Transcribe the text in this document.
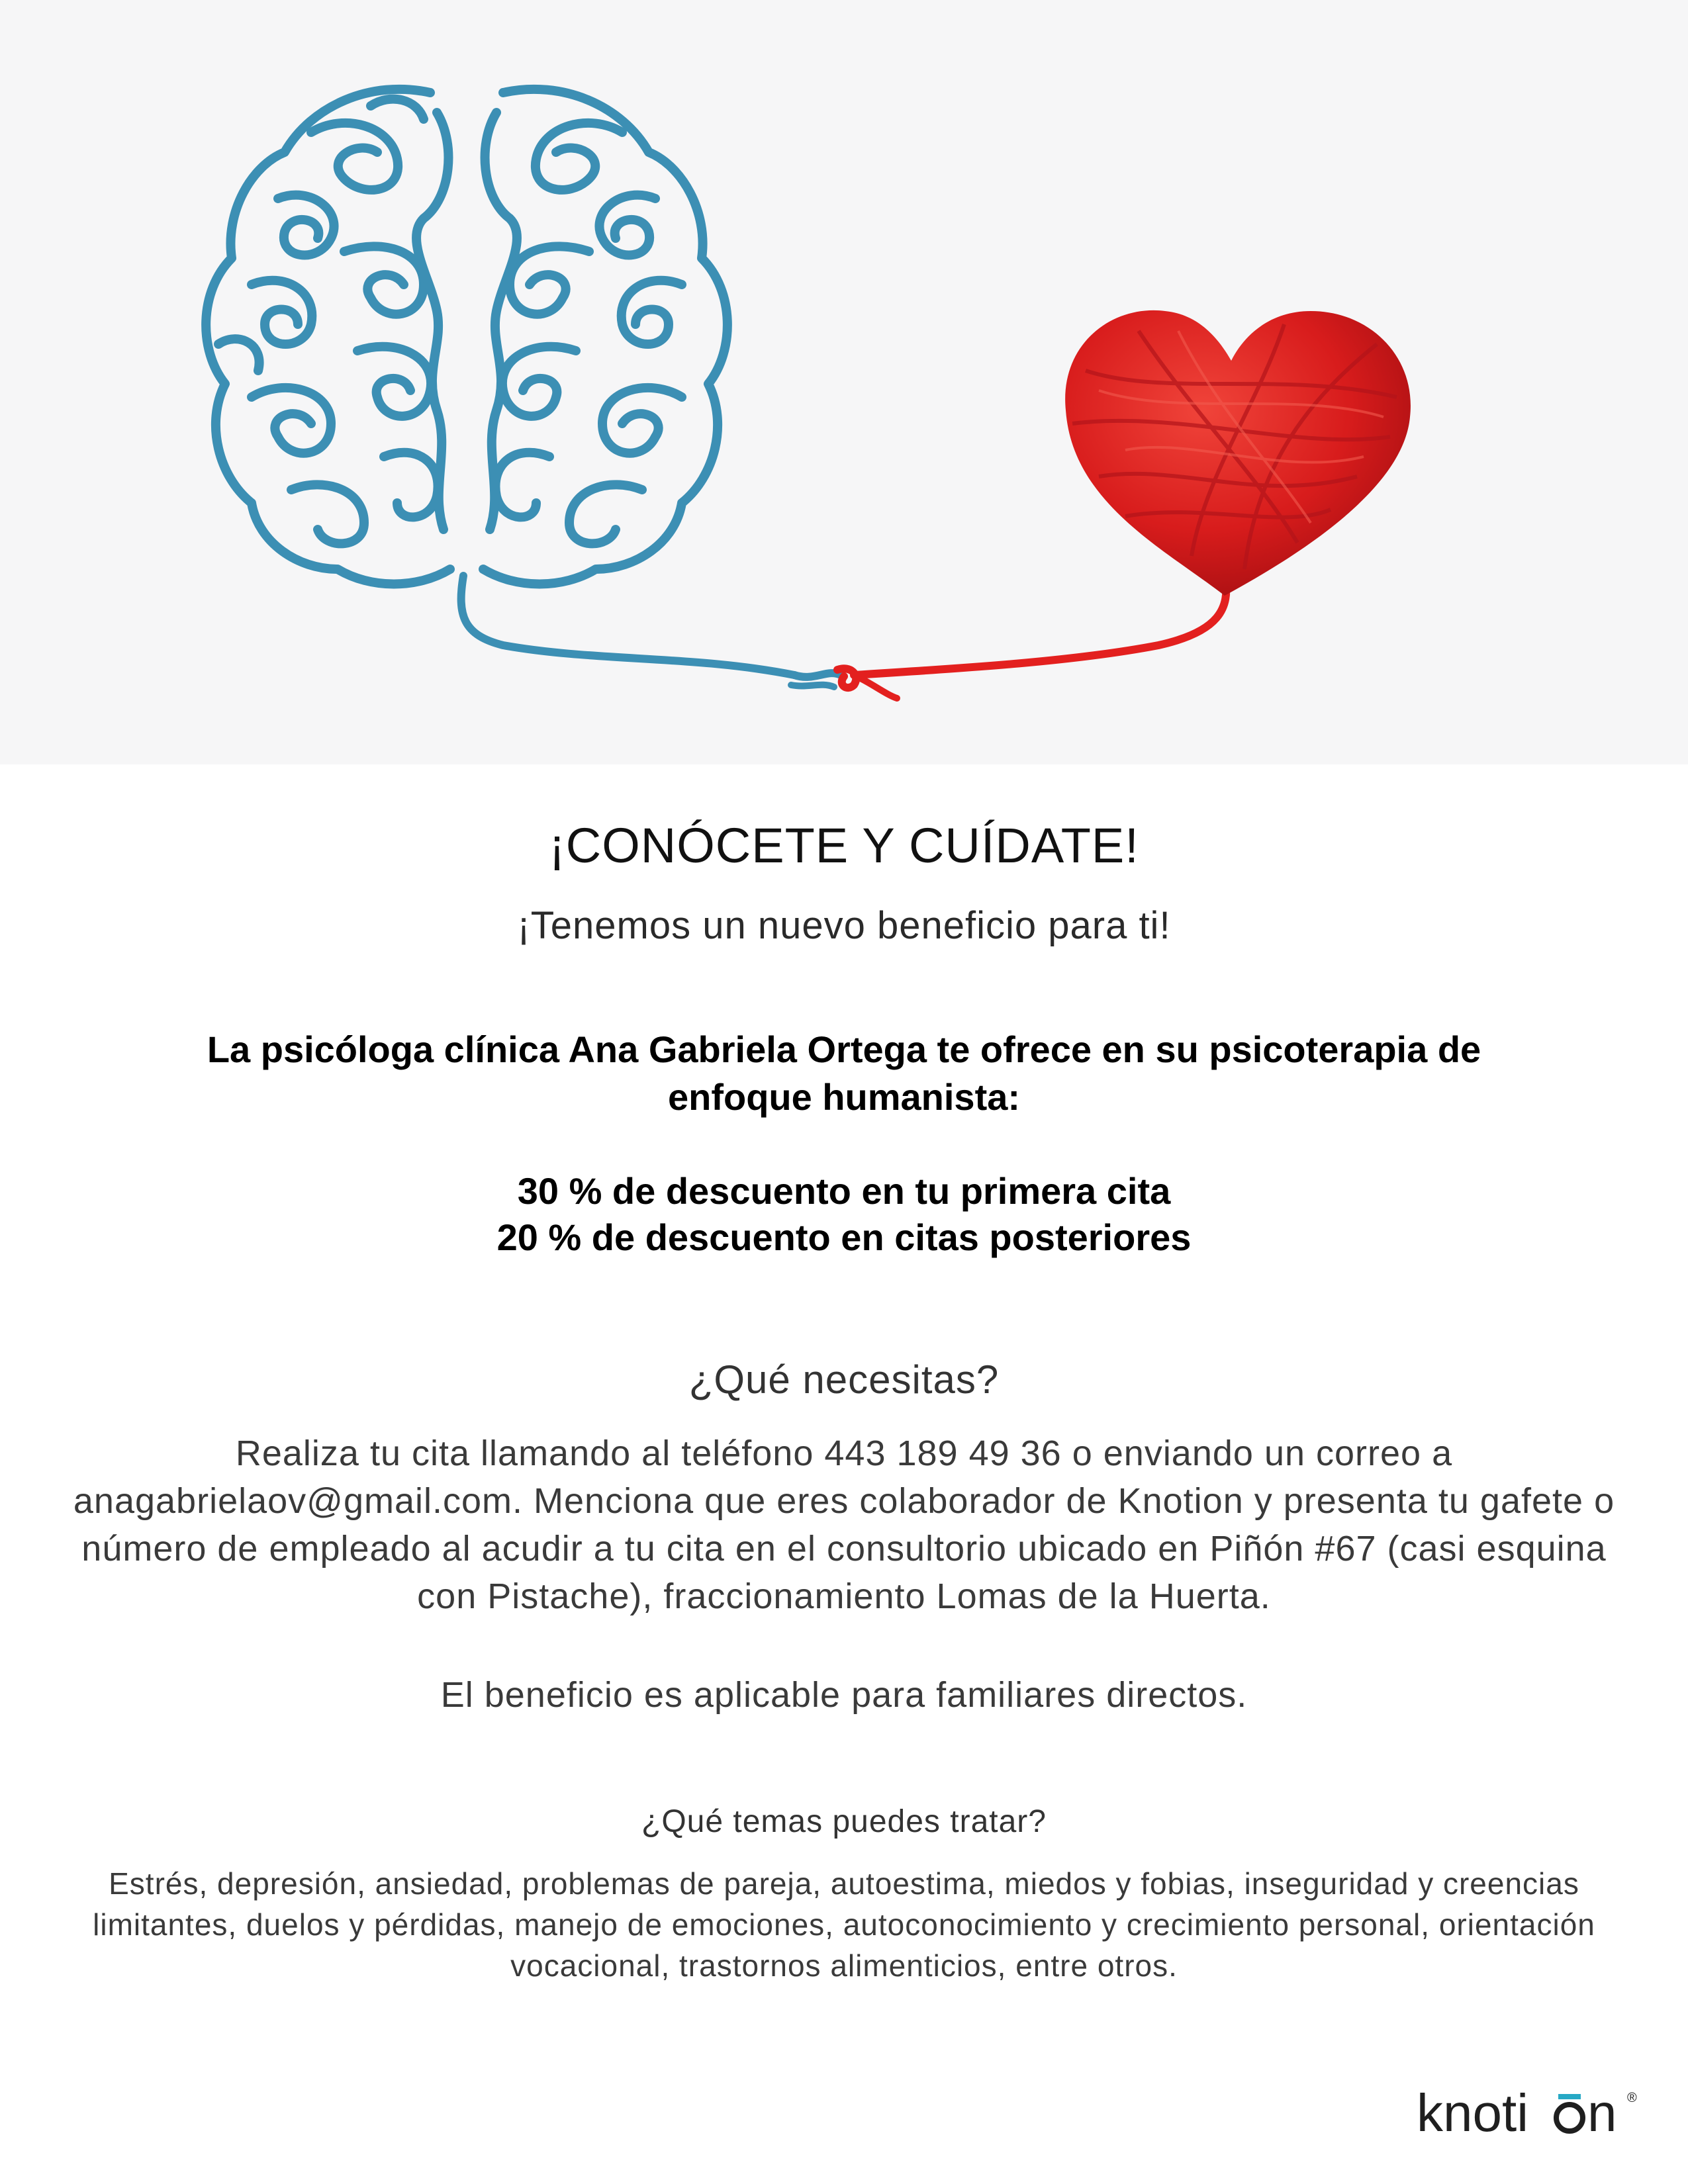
¡CONÓCETE Y CUÍDATE!
¡Tenemos un nuevo beneficio para ti!
La psicóloga clínica Ana Gabriela Ortega te ofrece en su psicoterapia de enfoque humanista:
30 % de descuento en tu primera cita
20 % de descuento en citas posteriores
¿Qué necesitas?
Realiza tu cita llamando al teléfono 443 189 49 36 o enviando un correo a anagabrielaov@gmail.com. Menciona que eres colaborador de Knotion y presenta tu gafete o número de empleado al acudir a tu cita en el consultorio ubicado en Piñón #67 (casi esquina con Pistache), fraccionamiento Lomas de la Huerta.
El beneficio es aplicable para familiares directos.
¿Qué temas puedes tratar?
Estrés, depresión, ansiedad, problemas de pareja, autoestima, miedos y fobias, inseguridad y creencias limitantes, duelos y pérdidas, manejo de emociones, autoconocimiento y crecimiento personal, orientación vocacional, trastornos alimenticios, entre otros.
knoti n ®
